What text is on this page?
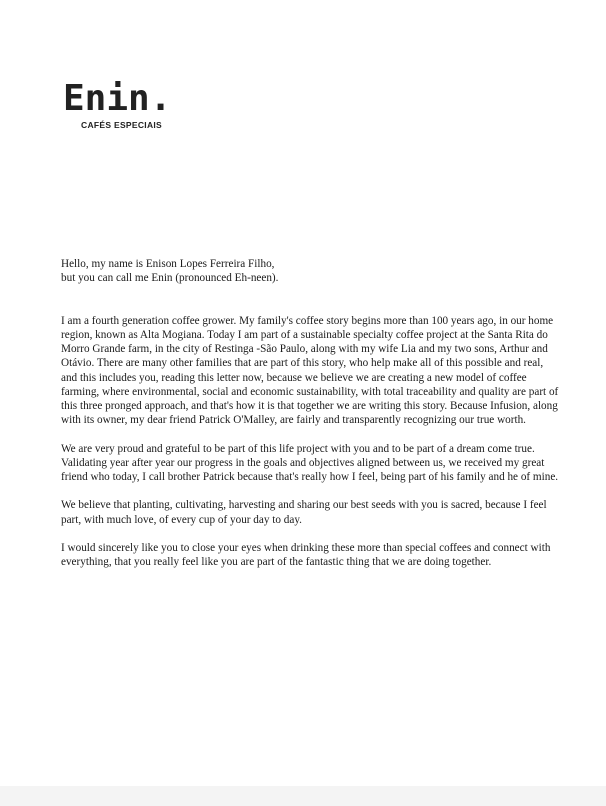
Enin.
CAFÉS ESPECIAIS

Hello, my name is Enison Lopes Ferreira Filho,
but you can call me Enin (pronounced Eh-neen).

I am a fourth generation coffee grower. My family's coffee story begins more than 100 years ago, in our home region, known as Alta Mogiana. Today I am part of a sustainable specialty coffee project at the Santa Rita do Morro Grande farm, in the city of Restinga -São Paulo, along with my wife Lia and my two sons, Arthur and Otávio. There are many other families that are part of this story, who help make all of this possible and real, and this includes you, reading this letter now, because we believe we are creating a new model of coffee farming, where environmental, social and economic sustainability, with total traceability and quality are part of this three pronged approach, and that's how it is that together we are writing this story. Because Infusion, along with its owner, my dear friend Patrick O'Malley, are fairly and transparently recognizing our true worth.

We are very proud and grateful to be part of this life project with you and to be part of a dream come true. Validating year after year our progress in the goals and objectives aligned between us, we received my great friend who today, I call brother Patrick because that's really how I feel, being part of his family and he of mine.

We believe that planting, cultivating, harvesting and sharing our best seeds with you is sacred, because I feel part, with much love, of every cup of your day to day.

I would sincerely like you to close your eyes when drinking these more than special coffees and connect with everything, that you really feel like you are part of the fantastic thing that we are doing together.
